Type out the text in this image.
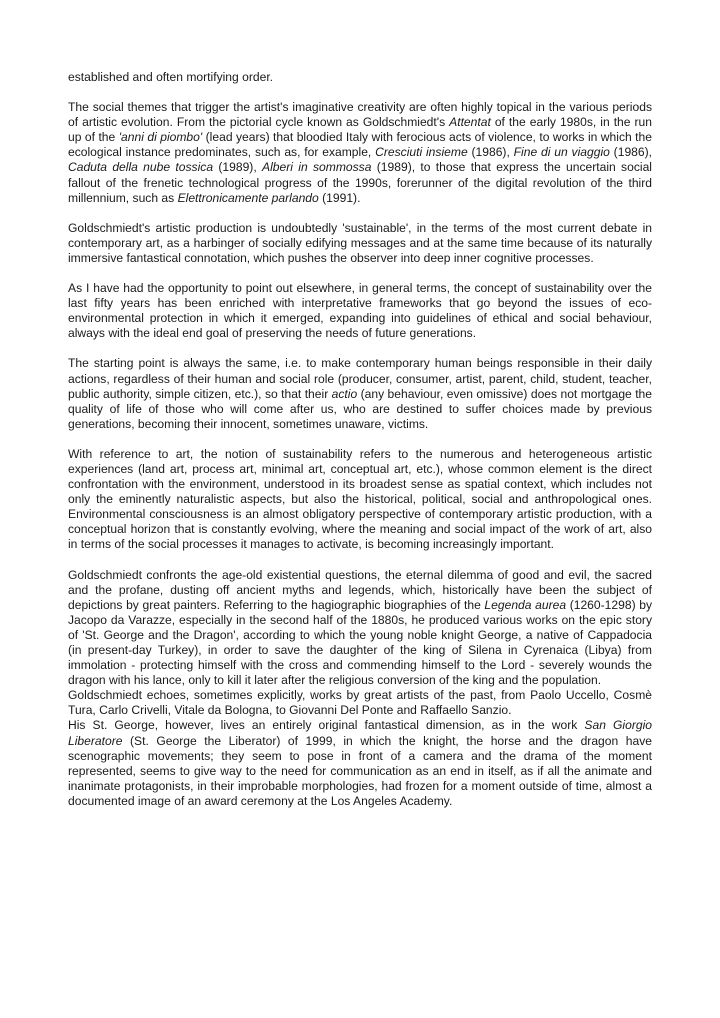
established and often mortifying order.

The social themes that trigger the artist's imaginative creativity are often highly topical in the various periods of artistic evolution. From the pictorial cycle known as Goldschmiedt's Attentat of the early 1980s, in the run up of the 'anni di piombo' (lead years) that bloodied Italy with ferocious acts of violence, to works in which the ecological instance predominates, such as, for example, Cresciuti insieme (1986), Fine di un viaggio (1986), Caduta della nube tossica (1989), Alberi in sommossa (1989), to those that express the uncertain social fallout of the frenetic technological progress of the 1990s, forerunner of the digital revolution of the third millennium, such as Elettronicamente parlando (1991).

Goldschmiedt's artistic production is undoubtedly 'sustainable', in the terms of the most current debate in contemporary art, as a harbinger of socially edifying messages and at the same time because of its naturally immersive fantastical connotation, which pushes the observer into deep inner cognitive processes.

As I have had the opportunity to point out elsewhere, in general terms, the concept of sustainability over the last fifty years has been enriched with interpretative frameworks that go beyond the issues of eco-environmental protection in which it emerged, expanding into guidelines of ethical and social behaviour, always with the ideal end goal of preserving the needs of future generations.

The starting point is always the same, i.e. to make contemporary human beings responsible in their daily actions, regardless of their human and social role (producer, consumer, artist, parent, child, student, teacher, public authority, simple citizen, etc.), so that their actio (any behaviour, even omissive) does not mortgage the quality of life of those who will come after us, who are destined to suffer choices made by previous generations, becoming their innocent, sometimes unaware, victims.

With reference to art, the notion of sustainability refers to the numerous and heterogeneous artistic experiences (land art, process art, minimal art, conceptual art, etc.), whose common element is the direct confrontation with the environment, understood in its broadest sense as spatial context, which includes not only the eminently naturalistic aspects, but also the historical, political, social and anthropological ones. Environmental consciousness is an almost obligatory perspective of contemporary artistic production, with a conceptual horizon that is constantly evolving, where the meaning and social impact of the work of art, also in terms of the social processes it manages to activate, is becoming increasingly important.

Goldschmiedt confronts the age-old existential questions, the eternal dilemma of good and evil, the sacred and the profane, dusting off ancient myths and legends, which, historically have been the subject of depictions by great painters. Referring to the hagiographic biographies of the Legenda aurea (1260-1298) by Jacopo da Varazze, especially in the second half of the 1880s, he produced various works on the epic story of 'St. George and the Dragon', according to which the young noble knight George, a native of Cappadocia (in present-day Turkey), in order to save the daughter of the king of Silena in Cyrenaica (Libya) from immolation - protecting himself with the cross and commending himself to the Lord - severely wounds the dragon with his lance, only to kill it later after the religious conversion of the king and the population.

Goldschmiedt echoes, sometimes explicitly, works by great artists of the past, from Paolo Uccello, Cosmè Tura, Carlo Crivelli, Vitale da Bologna, to Giovanni Del Ponte and Raffaello Sanzio.

His St. George, however, lives an entirely original fantastical dimension, as in the work San Giorgio Liberatore (St. George the Liberator) of 1999, in which the knight, the horse and the dragon have scenographic movements; they seem to pose in front of a camera and the drama of the moment represented, seems to give way to the need for communication as an end in itself, as if all the animate and inanimate protagonists, in their improbable morphologies, had frozen for a moment outside of time, almost a documented image of an award ceremony at the Los Angeles Academy.
